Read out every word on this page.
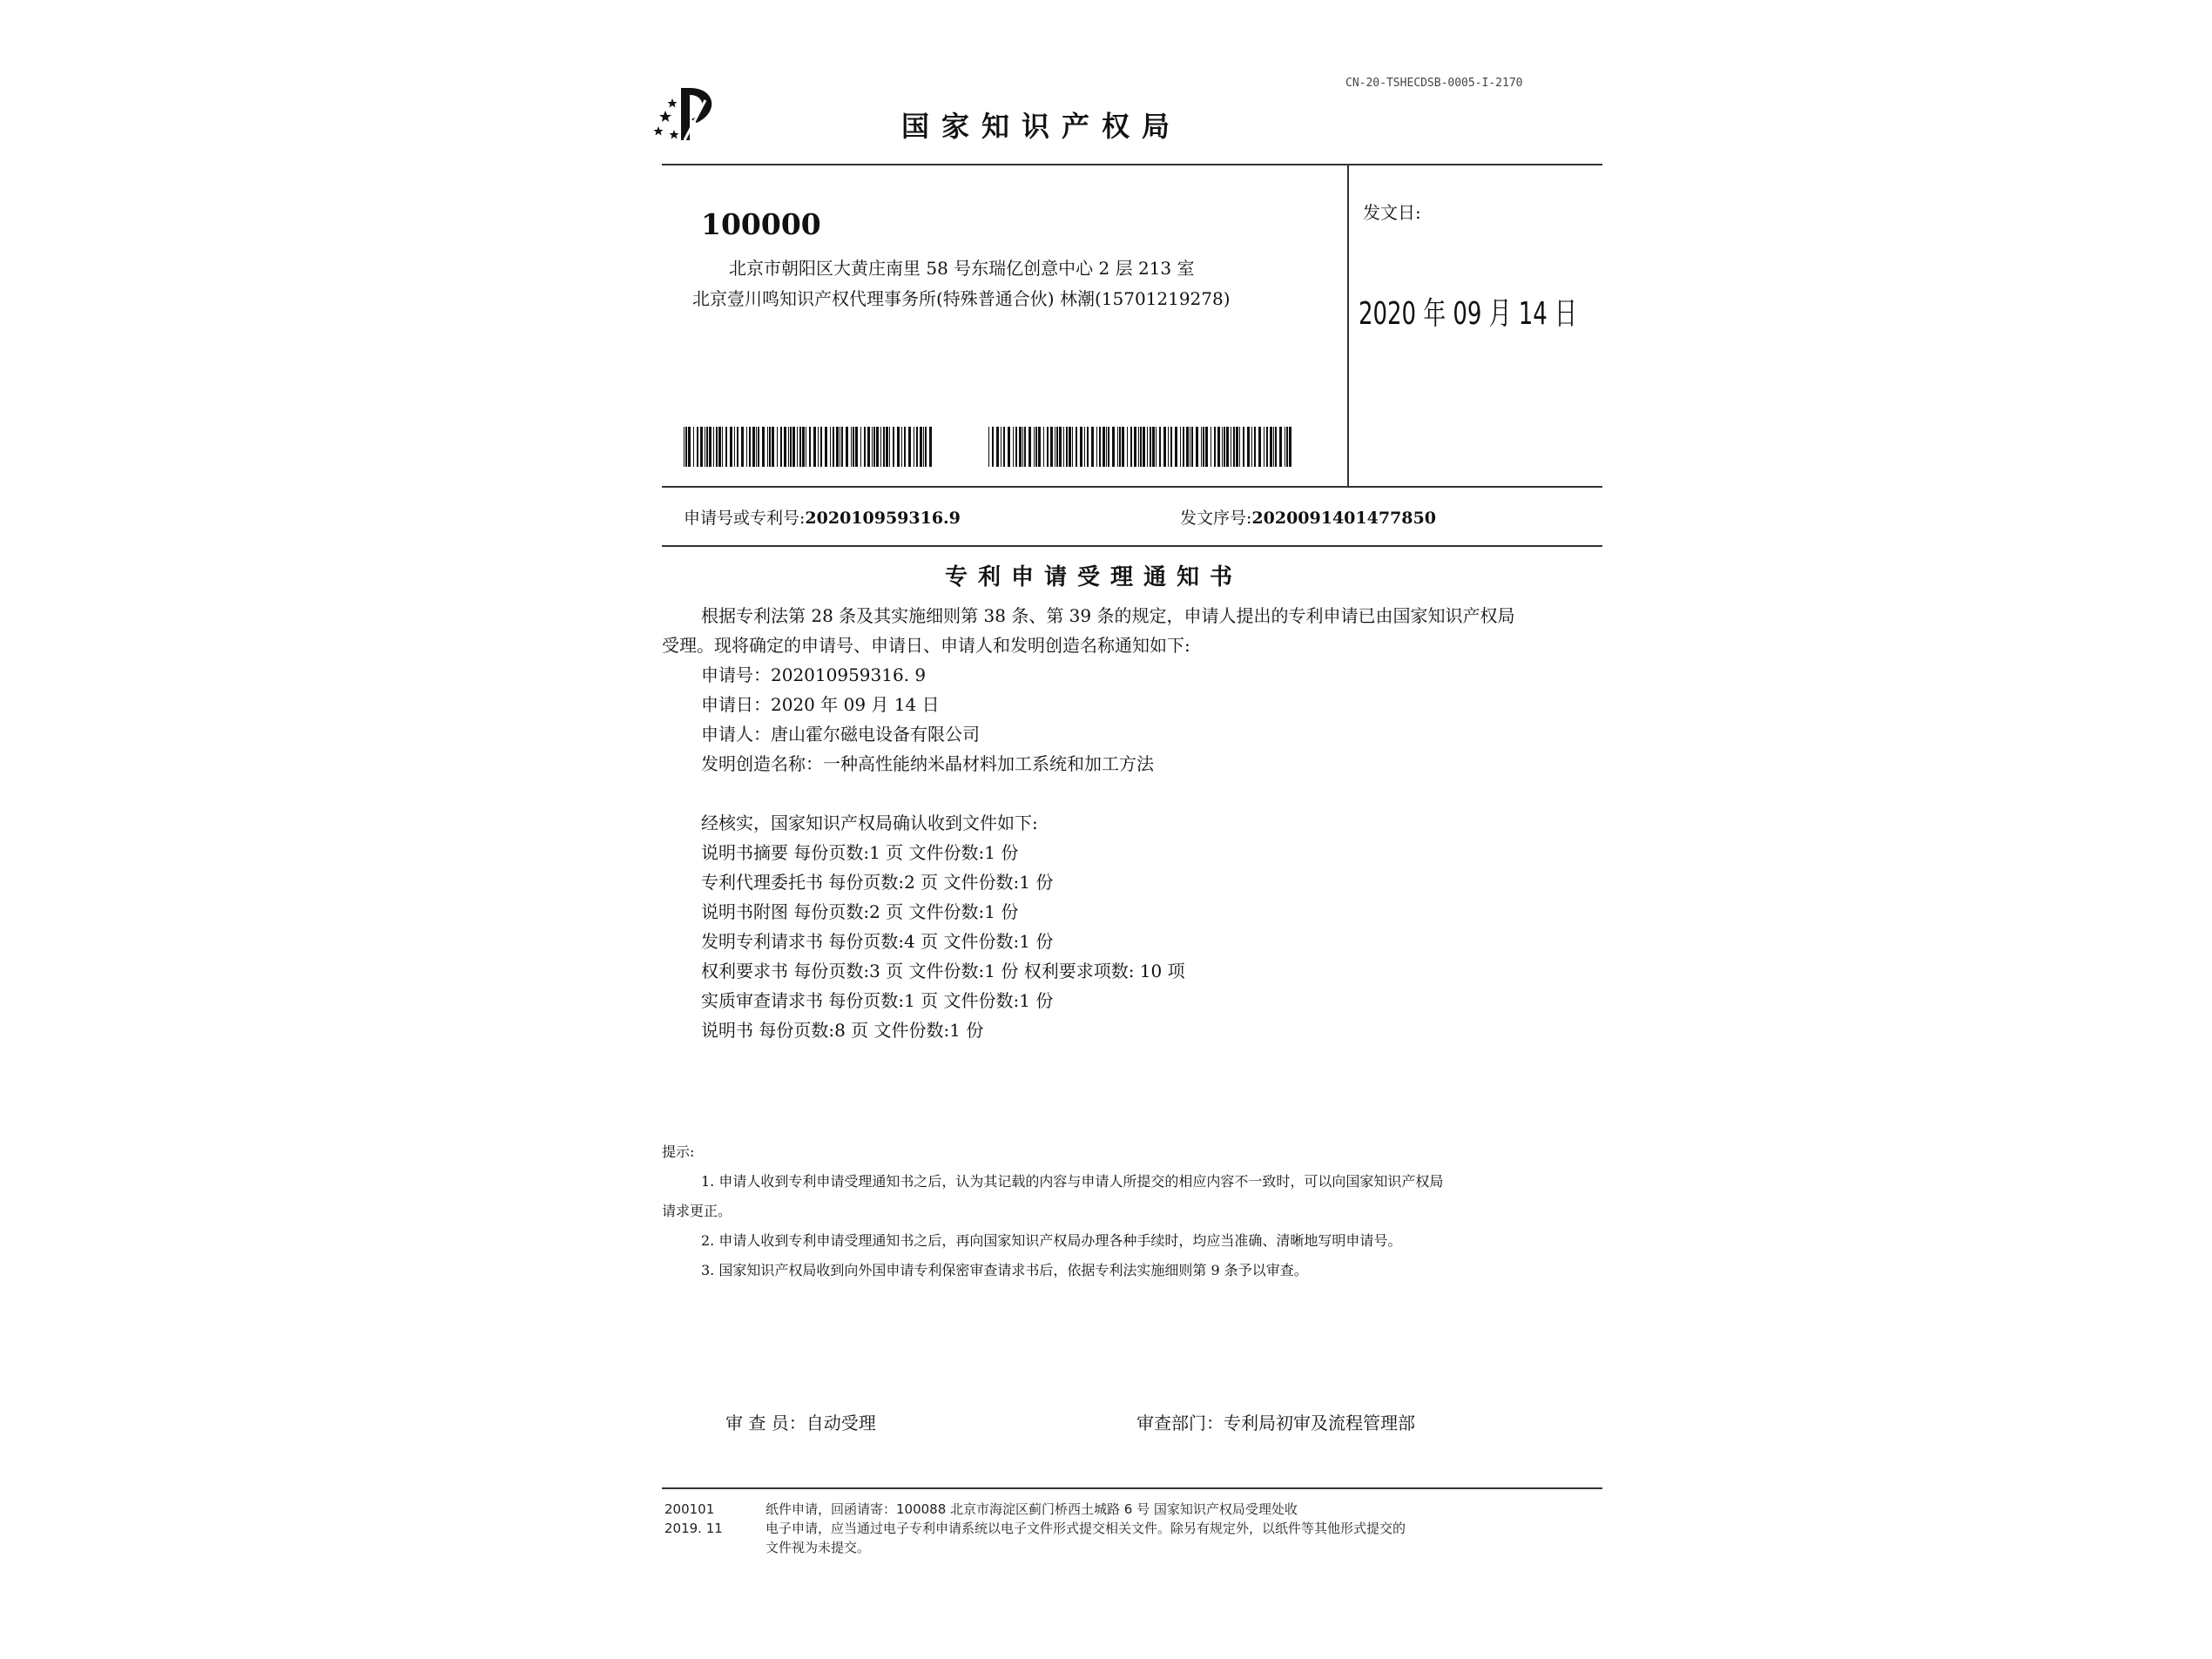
国家知识产权局
CN-20-TSHECDSB-0005-I-2170
100000
北京市朝阳区大黄庄南里 58 号东瑞亿创意中心 2 层 213 室
北京壹川鸣知识产权代理事务所(特殊普通合伙) 林潮(15701219278)
发文日:
2020 年 09 月 14 日
申请号或专利号:202010959316.9	发文序号:2020091401477850
专利申请受理通知书
根据专利法第 28 条及其实施细则第 38 条、第 39 条的规定，申请人提出的专利申请已由国家知识产权局
受理。现将确定的申请号、申请日、申请人和发明创造名称通知如下:
申请号：202010959316. 9
申请日：2020 年 09 月 14 日
申请人：唐山霍尔磁电设备有限公司
发明创造名称：一种高性能纳米晶材料加工系统和加工方法
经核实，国家知识产权局确认收到文件如下:
说明书摘要 每份页数:1 页 文件份数:1 份
专利代理委托书 每份页数:2 页 文件份数:1 份
说明书附图 每份页数:2 页 文件份数:1 份
发明专利请求书 每份页数:4 页 文件份数:1 份
权利要求书 每份页数:3 页 文件份数:1 份 权利要求项数: 10 项
实质审查请求书 每份页数:1 页 文件份数:1 份
说明书 每份页数:8 页 文件份数:1 份
提示:
1. 申请人收到专利申请受理通知书之后，认为其记载的内容与申请人所提交的相应内容不一致时，可以向国家知识产权局
请求更正。
2. 申请人收到专利申请受理通知书之后，再向国家知识产权局办理各种手续时，均应当准确、清晰地写明申请号。
3. 国家知识产权局收到向外国申请专利保密审查请求书后，依据专利法实施细则第 9 条予以审查。
审 查 员：自动受理	审查部门：专利局初审及流程管理部
200101
2019. 11
纸件申请，回函请寄：100088 北京市海淀区蓟门桥西土城路 6 号 国家知识产权局受理处收
电子申请，应当通过电子专利申请系统以电子文件形式提交相关文件。除另有规定外，以纸件等其他形式提交的
文件视为未提交。
